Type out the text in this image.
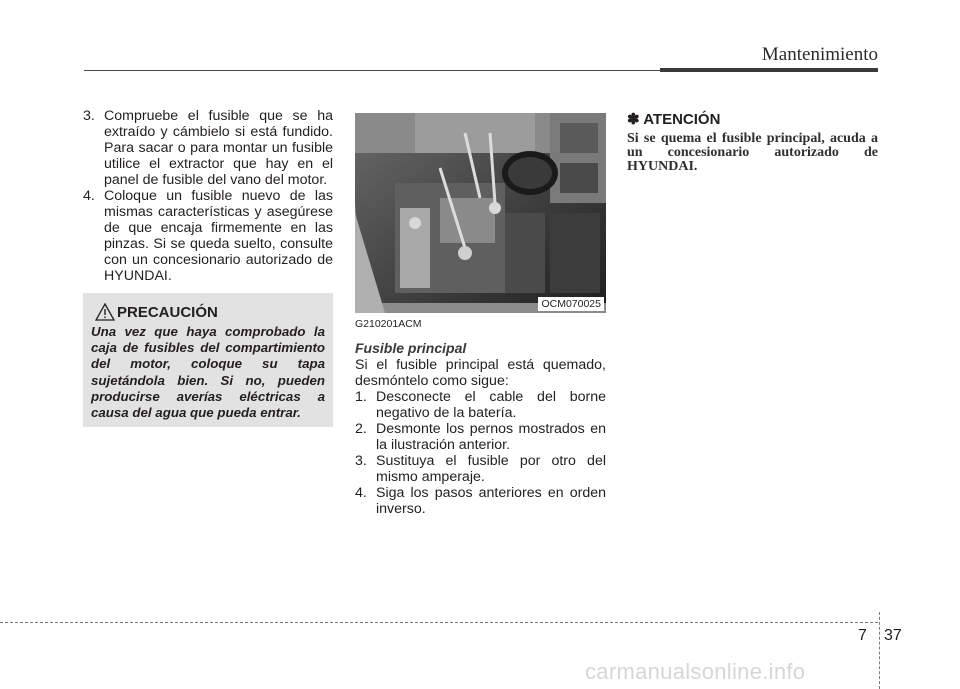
Mantenimiento
3. Compruebe el fusible que se ha extraído y cámbielo si está fundido. Para sacar o para montar un fusible utilice el extractor que hay en el panel de fusible del vano del motor.
4. Coloque un fusible nuevo de las mismas características y asegúrese de que encaja firmemente en las pinzas. Si se queda suelto, consulte con un concesionario autorizado de HYUNDAI.
PRECAUCIÓN
Una vez que haya comprobado la caja de fusibles del compartimiento del motor, coloque su tapa sujetándola bien. Si no, pueden producirse averías eléctricas a causa del agua que pueda entrar.
OCM070025
G210201ACM
Fusible principal
Si el fusible principal está quemado, desmóntelo como sigue:
1. Desconecte el cable del borne negativo de la batería.
2. Desmonte los pernos mostrados en la ilustración anterior.
3. Sustituya el fusible por otro del mismo amperaje.
4. Siga los pasos anteriores en orden inverso.
✽ ATENCIÓN
Si se quema el fusible principal, acuda a un concesionario autorizado de HYUNDAI.
7 37
carmanualsonline.info
